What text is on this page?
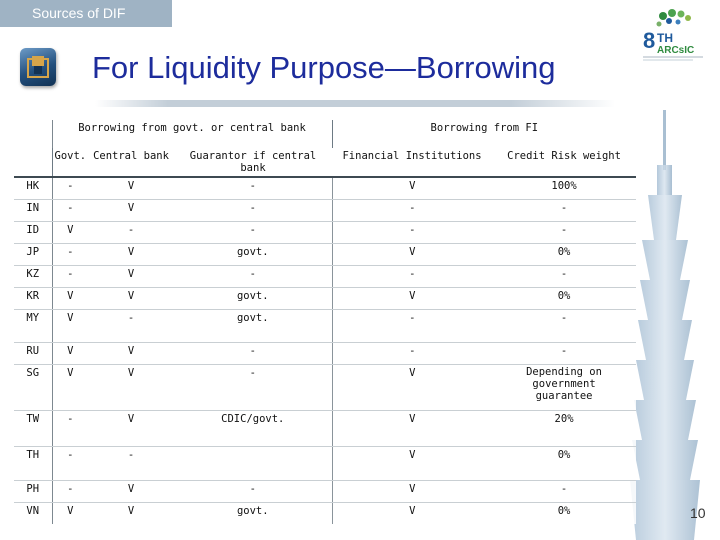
Sources of DIF
For Liquidity Purpose—Borrowing
8 TH
ARCsIC
	Borrowing from govt. or central bank			Borrowing from FI	
	Govt.	Central bank	Guarantor if central bank	Financial Institutions	Credit Risk weight
HK	-	V	-	V	100%
IN	-	V	-	-	-
ID	V	-	-	-	-
JP	-	V	govt.	V	0%
KZ	-	V	-	-	-
KR	V	V	govt.	V	0%
MY	V	-	govt.	-	-
RU	V	V	-	-	-
SG	V	V	-	V	Depending on government guarantee
TW	-	V	CDIC/govt.	V	20%
TH	-	-		V	0%
PH	-	V	-	V	-
VN	V	V	govt.	V	0%	10
